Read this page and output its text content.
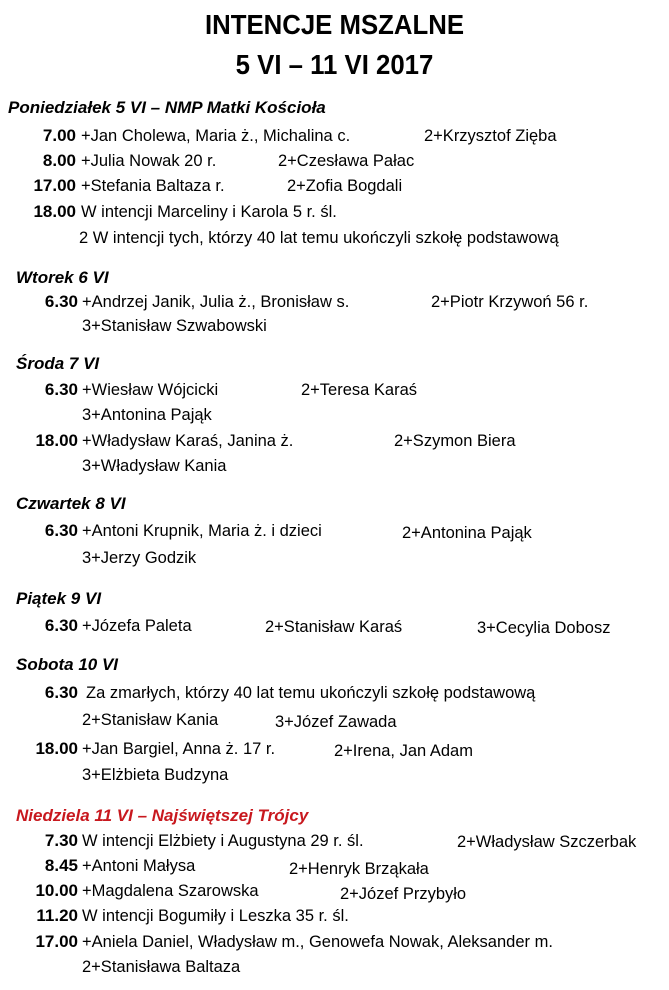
INTENCJE MSZALNE
5 VI – 11 VI 2017
Poniedziałek 5 VI – NMP Matki Kościoła
7.00 +Jan Cholewa, Maria ż., Michalina c.	2+Krzysztof Zięba
8.00 +Julia Nowak 20 r.	2+Czesława Pałac
17.00 +Stefania Baltaza r.	2+Zofia Bogdali
18.00 W intencji Marceliny i Karola 5 r. śl.
2 W intencji tych, którzy 40 lat temu ukończyli szkołę podstawową
Wtorek 6 VI
6.30 +Andrzej Janik, Julia ż., Bronisław s.	2+Piotr Krzywoń 56 r.
3+Stanisław Szwabowski
Środa 7 VI
6.30 +Wiesław Wójcicki	2+Teresa Karaś
3+Antonina Pająk
18.00 +Władysław Karaś, Janina ż.	2+Szymon Biera
3+Władysław Kania
Czwartek 8 VI
6.30 +Antoni Krupnik, Maria ż. i dzieci	2+Antonina Pająk
3+Jerzy Godzik
Piątek 9 VI
6.30 +Józefa Paleta	2+Stanisław Karaś	3+Cecylia Dobosz
Sobota 10 VI
6.30 Za zmarłych, którzy 40 lat temu ukończyli szkołę podstawową
2+Stanisław Kania	3+Józef Zawada
18.00 +Jan Bargiel, Anna ż. 17 r.	2+Irena, Jan Adam
3+Elżbieta Budzyna
Niedziela 11 VI – Najświętszej Trójcy
7.30 W intencji Elżbiety i Augustyna 29 r. śl.	2+Władysław Szczerbak
8.45 +Antoni Małysa	2+Henryk Brząkała
10.00 +Magdalena Szarowska	2+Józef Przybyło
11.20 W intencji Bogumiły i Leszka 35 r. śl.
17.00 +Aniela Daniel, Władysław m., Genowefa Nowak, Aleksander m.
2+Stanisława Baltaza
